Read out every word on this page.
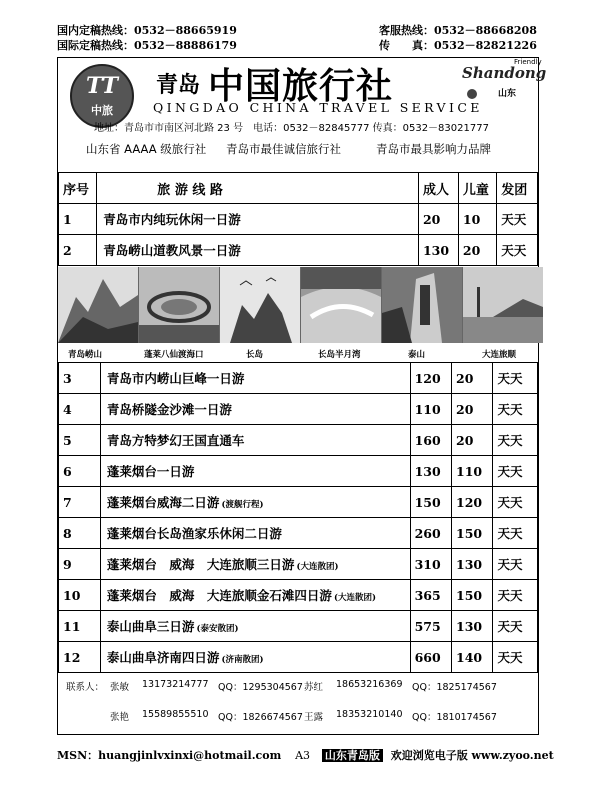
国内定稿热线：0532－88665919
国际定稿热线：0532－88886179
客服热线：0532－88668208
传　　真：0532－82821226
TT
中旅
青岛 中国旅行社
QINGDAO CHINA TRAVEL SERVICE
地址：青岛市市南区河北路 23 号　电话：0532－82845777 传真：0532－83021777
Friendly
Shandong
山东
山东省 AAAA 级旅行社 青岛市最佳诚信旅行社	青岛市最具影响力品牌
序号	旅 游 线 路	成人	儿童	发团
1	青岛市内纯玩休闲一日游	20	10	天天
2	青岛崂山道教风景一日游	130	20	天天
青岛崂山	蓬莱八仙渡海口	长岛	长岛半月湾	泰山	大连旅顺
3	青岛市内崂山巨峰一日游	120	20	天天
4	青岛桥隧金沙滩一日游	110	20	天天
5	青岛方特梦幻王国直通车	160	20	天天
6	蓬莱烟台一日游	130	110	天天
7	蓬莱烟台威海二日游 (渡舰行程)	150	120	天天
8	蓬莱烟台长岛渔家乐休闲二日游	260	150	天天
9	蓬莱烟台　威海　大连旅顺三日游 (大连散团)	310	130	天天
10	蓬莱烟台　威海　大连旅顺金石滩四日游 (大连散团)	365	150	天天
11	泰山曲阜三日游 (泰安散团)	575	130	天天
12	泰山曲阜济南四日游 (济南散团)	660	140	天天
联系人： 张敏 13173214777 QQ：1295304567 苏红 18653216369 QQ：1825174567
张艳 15589855510 QQ：1826674567 王露 18353210140 QQ：1810174567
MSN：huangjinlvxinxi@hotmail.com A3 山东青岛版 欢迎浏览电子版 www.zyoo.net
